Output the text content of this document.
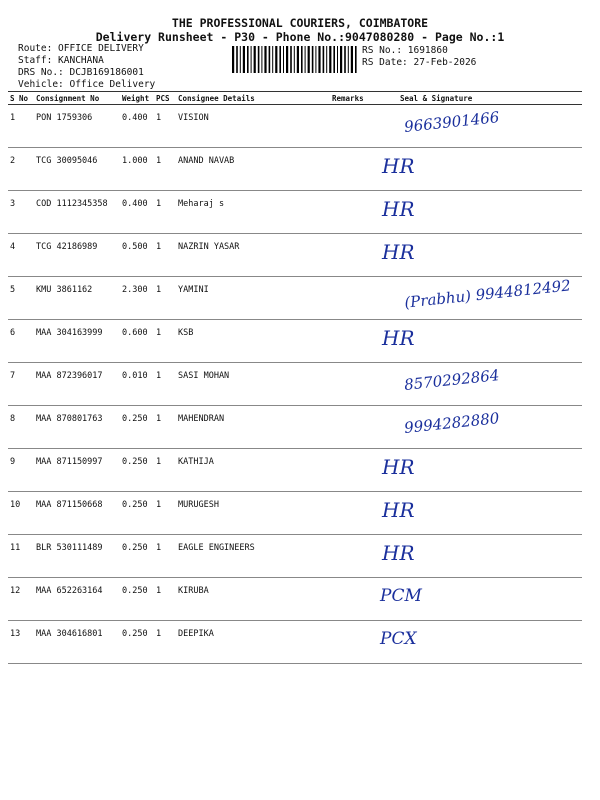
THE PROFESSIONAL COURIERS, COIMBATORE
Delivery Runsheet - P30 - Phone No.:9047080280 - Page No.:1
Route: OFFICE DELIVERY
Staff: KANCHANA
DRS No.: DCJB169186001
Vehicle: Office Delivery
RS No.: 1691860
RS Date: 27-Feb-2026
S No	Consignment No	Weight	PCS	Consignee Details	Remarks	Seal & Signature
1	PON 1759306	0.400	1	VISION		9663901466

2	TCG 30095046	1.000	1	ANAND NAVAB		HR

3	COD 1112345358	0.400	1	Meharaj s		HR

4	TCG 42186989	0.500	1	NAZRIN YASAR		HR

5	KMU 3861162	2.300	1	YAMINI		(Prabhu) 9944812492

6	MAA 304163999	0.600	1	KSB		HR

7	MAA 872396017	0.010	1	SASI MOHAN		8570292864

8	MAA 870801763	0.250	1	MAHENDRAN		9994282880

9	MAA 871150997	0.250	1	KATHIJA		HR

10	MAA 871150668	0.250	1	MURUGESH		HR

11	BLR 530111489	0.250	1	EAGLE ENGINEERS		HR

12	MAA 652263164	0.250	1	KIRUBA		PCM

13	MAA 304616801	0.250	1	DEEPIKA		PCX
